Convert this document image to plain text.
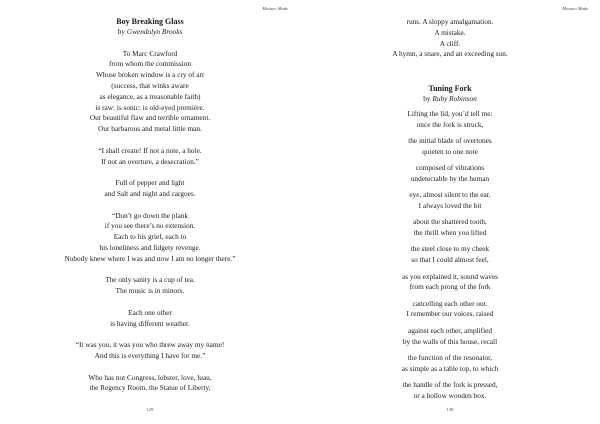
Mouseo Made
Boy Breaking Glass
by Gwendolyn Brooks
To Marc Crawford
from whom the commission
Whose broken window is a cry of art
(success, that winks aware
as elegance, as a treasonable faith)
is raw: is sonic: is old-eyed première.
Our beautiful flaw and terrible ornament.
Our barbarous and metal little man.
“I shall create! If not a note, a hole.
If not an overture, a desecration.”
Full of pepper and light
and Salt and night and cargoes.
“Don’t go down the plank
if you see there’s no extension.
Each to his grief, each to
his loneliness and fidgety revenge.
Nobody knew where I was and now I am no longer there.”
The only sanity is a cup of tea.
The music is in minors.
Each one other
is having different weather.
“It was you, it was you who threw away my name!
And this is everything I have for me.”
Who has not Congress, lobster, love, luau,
the Regency Room, the Statue of Liberty,
129
Mouseo Made
runs. A sloppy amalgamation.
A mistake.
A cliff.
A hymn, a snare, and an exceeding sun.
Tuning Fork
by Ruby Robinson
Lifting the lid, you’d tell me:
once the fork is struck,
the initial blade of overtones
quieten to one note
composed of vibrations
undetectable by the human
eye, almost silent to the ear.
I always loved the bit
about the shattered tooth,
the thrill when you lifted
the steel close to my cheek
so that I could almost feel,
as you explained it, sound waves
from each prong of the fork
cancelling each other out.
I remember our voices, raised
against each other, amplified
by the walls of this house, recall
the function of the resonator,
as simple as a table top, to which
the handle of the fork is pressed,
or a hollow wooden box.
130
